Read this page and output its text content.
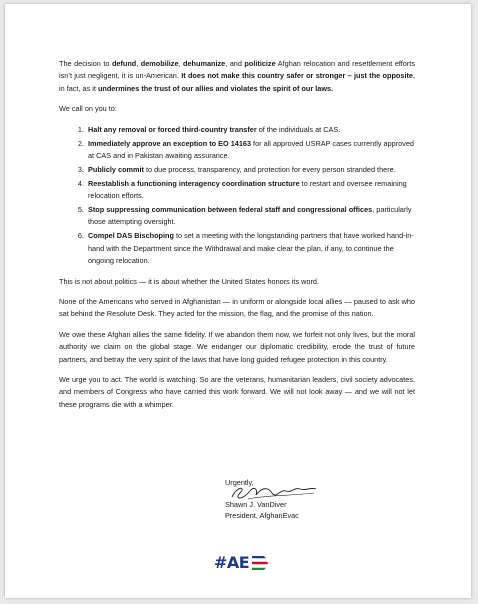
The decision to defund, demobilize, dehumanize, and politicize Afghan relocation and resettlement efforts isn’t just negligent, it is un-American. It does not make this country safer or stronger – just the opposite, in fact, as it undermines the trust of our allies and violates the spirit of our laws.

We call on you to:

1. Halt any removal or forced third-country transfer of the individuals at CAS.
2. Immediately approve an exception to EO 14163 for all approved USRAP cases currently approved at CAS and in Pakistan awaiting assurance.
3. Publicly commit to due process, transparency, and protection for every person stranded there.
4. Reestablish a functioning interagency coordination structure to restart and oversee remaining relocation efforts.
5. Stop suppressing communication between federal staff and congressional offices, particularly those attempting oversight.
6. Compel DAS Bischoping to set a meeting with the longstanding partners that have worked hand-in-hand with the Department since the Withdrawal and make clear the plan, if any, to continue the ongoing relocation.

This is not about politics — it is about whether the United States honors its word.

None of the Americans who served in Afghanistan — in uniform or alongside local allies — paused to ask who sat behind the Resolute Desk. They acted for the mission, the flag, and the promise of this nation.

We owe these Afghan allies the same fidelity. If we abandon them now, we forfeit not only lives, but the moral authority we claim on the global stage. We endanger our diplomatic credibility, erode the trust of future partners, and betray the very spirit of the laws that have long guided refugee protection in this country.

We urge you to act. The world is watching. So are the veterans, humanitarian leaders, civil society advocates, and members of Congress who have carried this work forward. We will not look away — and we will not let these programs die with a whimper.

Urgently,
Shawn J. VanDiver
President, AfghanEvac
#AE
